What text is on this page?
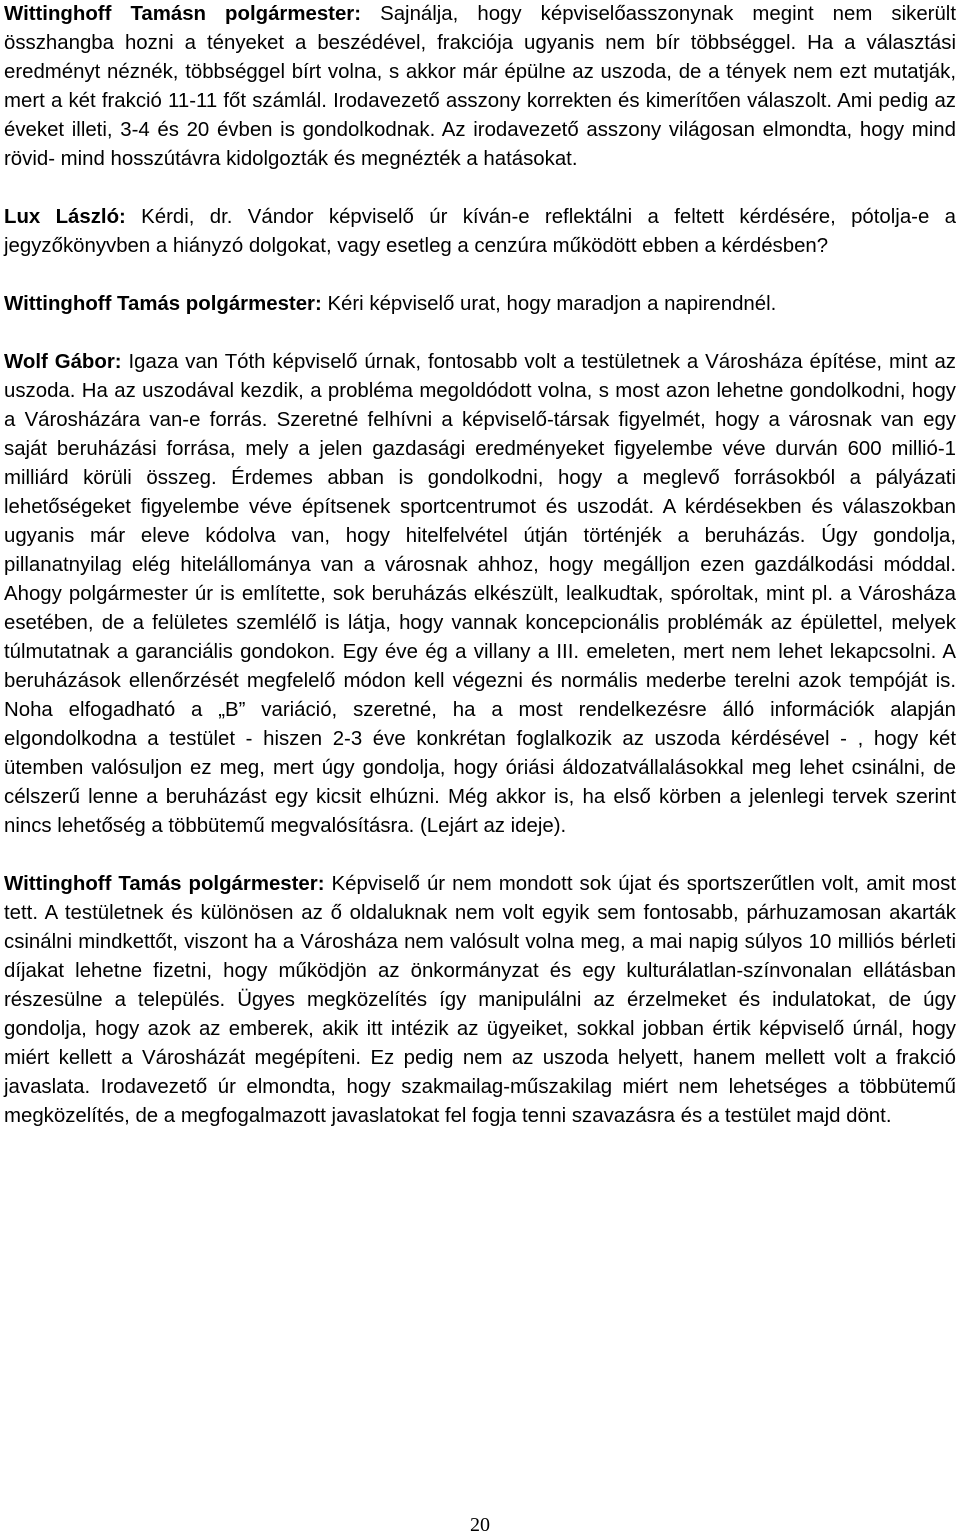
Wittinghoff Tamásn polgármester: Sajnálja, hogy képviselőasszonynak megint nem sikerült összhangba hozni a tényeket a beszédével, frakciója ugyanis nem bír többséggel. Ha a választási eredményt néznék, többséggel bírt volna, s akkor már épülne az uszoda, de a tények nem ezt mutatják, mert a két frakció 11-11 főt számlál. Irodavezető asszony korrekten és kimerítően válaszolt. Ami pedig az éveket illeti, 3-4 és 20 évben is gondolkodnak. Az irodavezető asszony világosan elmondta, hogy mind rövid- mind hosszútávra kidolgozták és megnézték a hatásokat.

Lux László: Kérdi, dr. Vándor képviselő úr kíván-e reflektálni a feltett kérdésére, pótolja-e a jegyzőkönyvben a hiányzó dolgokat, vagy esetleg a cenzúra működött ebben a kérdésben?

Wittinghoff Tamás polgármester: Kéri képviselő urat, hogy maradjon a napirendnél.

Wolf Gábor: Igaza van Tóth képviselő úrnak, fontosabb volt a testületnek a Városháza építése, mint az uszoda. Ha az uszodával kezdik, a probléma megoldódott volna, s most azon lehetne gondolkodni, hogy a Városházára van-e forrás. Szeretné felhívni a képviselő-társak figyelmét, hogy a városnak van egy saját beruházási forrása, mely a jelen gazdasági eredményeket figyelembe véve durván 600 millió-1 milliárd körüli összeg. Érdemes abban is gondolkodni, hogy a meglevő forrásokból a pályázati lehetőségeket figyelembe véve építsenek sportcentrumot és uszodát. A kérdésekben és válaszokban ugyanis már eleve kódolva van, hogy hitelfelvétel útján történjék a beruházás. Úgy gondolja, pillanatnyilag elég hitelállománya van a városnak ahhoz, hogy megálljon ezen gazdálkodási móddal. Ahogy polgármester úr is említette, sok beruházás elkészült, lealkudtak, spóroltak, mint pl. a Városháza esetében, de a felületes szemlélő is látja, hogy vannak koncepcionális problémák az épülettel, melyek túlmutatnak a garanciális gondokon. Egy éve ég a villany a III. emeleten, mert nem lehet lekapcsolni. A beruházások ellenőrzését megfelelő módon kell végezni és normális mederbe terelni azok tempóját is. Noha elfogadható a „B” variáció, szeretné, ha a most rendelkezésre álló információk alapján elgondolkodna a testület - hiszen 2-3 éve konkrétan foglalkozik az uszoda kérdésével - , hogy két ütemben valósuljon ez meg, mert úgy gondolja, hogy óriási áldozatvállalásokkal meg lehet csinálni, de célszerű lenne a beruházást egy kicsit elhúzni. Még akkor is, ha első körben a jelenlegi tervek szerint nincs lehetőség a többütemű megvalósításra. (Lejárt az ideje).

Wittinghoff Tamás polgármester: Képviselő úr nem mondott sok újat és sportszerűtlen volt, amit most tett. A testületnek és különösen az ő oldaluknak nem volt egyik sem fontosabb, párhuzamosan akarták csinálni mindkettőt, viszont ha a Városháza nem valósult volna meg, a mai napig súlyos 10 milliós bérleti díjakat lehetne fizetni, hogy működjön az önkormányzat és egy kulturálatlan-színvonalan ellátásban részesülne a település. Ügyes megközelítés így manipulálni az érzelmeket és indulatokat, de úgy gondolja, hogy azok az emberek, akik itt intézik az ügyeiket, sokkal jobban értik képviselő úrnál, hogy miért kellett a Városházát megépíteni. Ez pedig nem az uszoda helyett, hanem mellett volt a frakció javaslata. Irodavezető úr elmondta, hogy szakmailag-műszakilag miért nem lehetséges a többütemű megközelítés, de a megfogalmazott javaslatokat fel fogja tenni szavazásra és a testület majd dönt.

20
